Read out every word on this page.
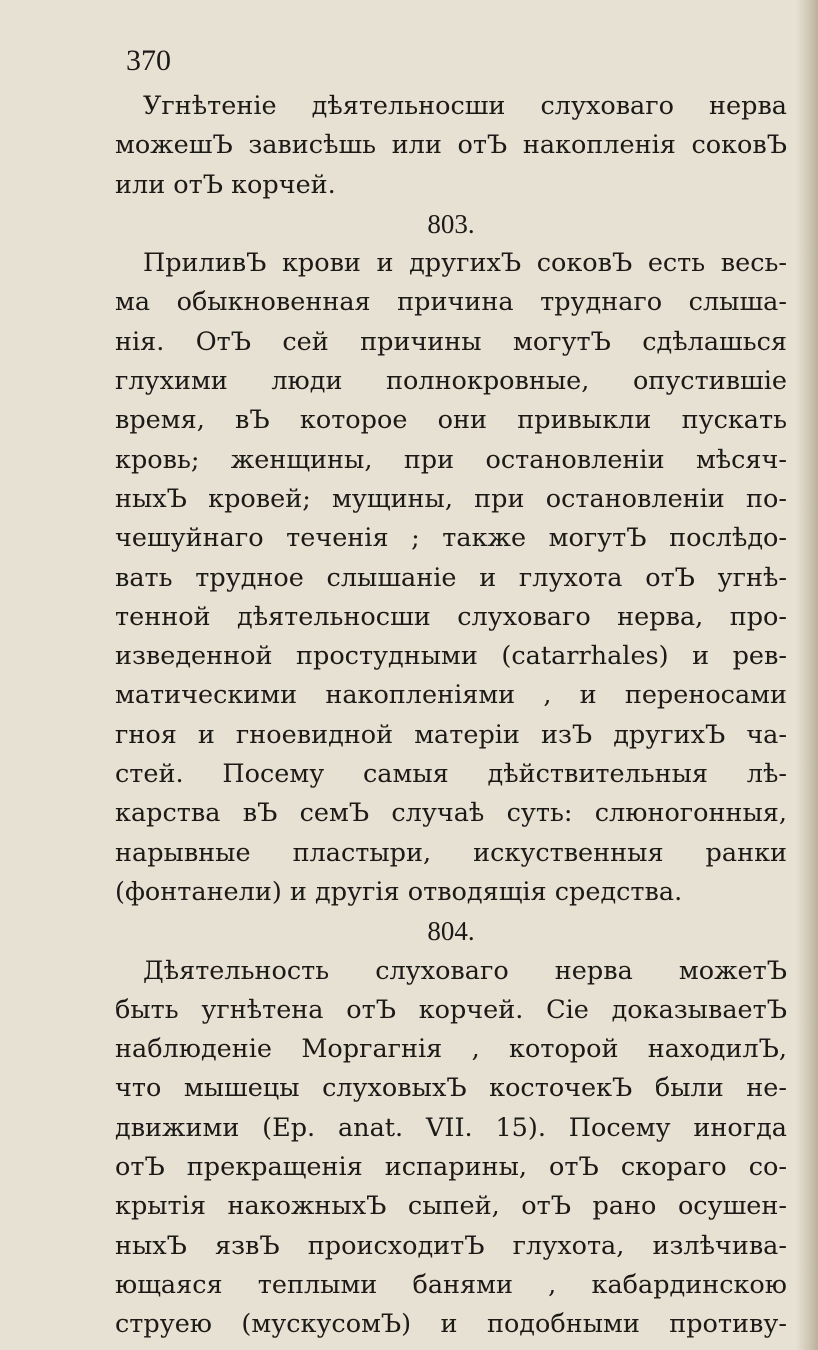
370
Угнѣтеніе дѣятельносши слуховаго нерва
можешЪ зависѣшь или отЪ накопленія соковЪ
или отЪ корчей.
803.
ПриливЪ крови и другихЪ соковЪ есть весь-
ма обыкновенная причина труднаго слыша-
нія. ОтЪ сей причины могутЪ сдѣлашься
глухими люди полнокровные, опустившіе
время, вЪ которое они привыкли пускать
кровь; женщины, при остановленіи мѣсяч-
ныхЪ кровей; мущины, при остановленіи по-
чешуйнаго теченія ; также могутЪ послѣдо-
вать трудное слышаніе и глухота отЪ угнѣ-
тенной дѣятельносши слуховаго нерва, про-
изведенной простудными (catarrhales) и рев-
матическими накопленіями , и переносами
гноя и гноевидной матеріи изЪ другихЪ ча-
стей. Посему самыя дѣйствительныя лѣ-
карства вЪ семЪ случаѣ суть: слюногонныя,
нарывные пластыри, искуственныя ранки
(фонтанели) и другія отводящія средства.
804.
Дѣятельность слуховаго нерва можетЪ
быть угнѣтена отЪ корчей. Сіе доказываетЪ
наблюденіе Моргагнія , которой находилЪ,
что мышецы слуховыхЪ косточекЪ были не-
движими (Ep. anat. VII. 15). Посему иногда
отЪ прекращенія испарины, отЪ скораго со-
крытія накожныхЪ сыпей, отЪ рано осушен-
ныхЪ язвЪ происходитЪ глухота, излѣчива-
ющаяся теплыми банями , кабардинскою
струею (мускусомЪ) и подобными противу-
